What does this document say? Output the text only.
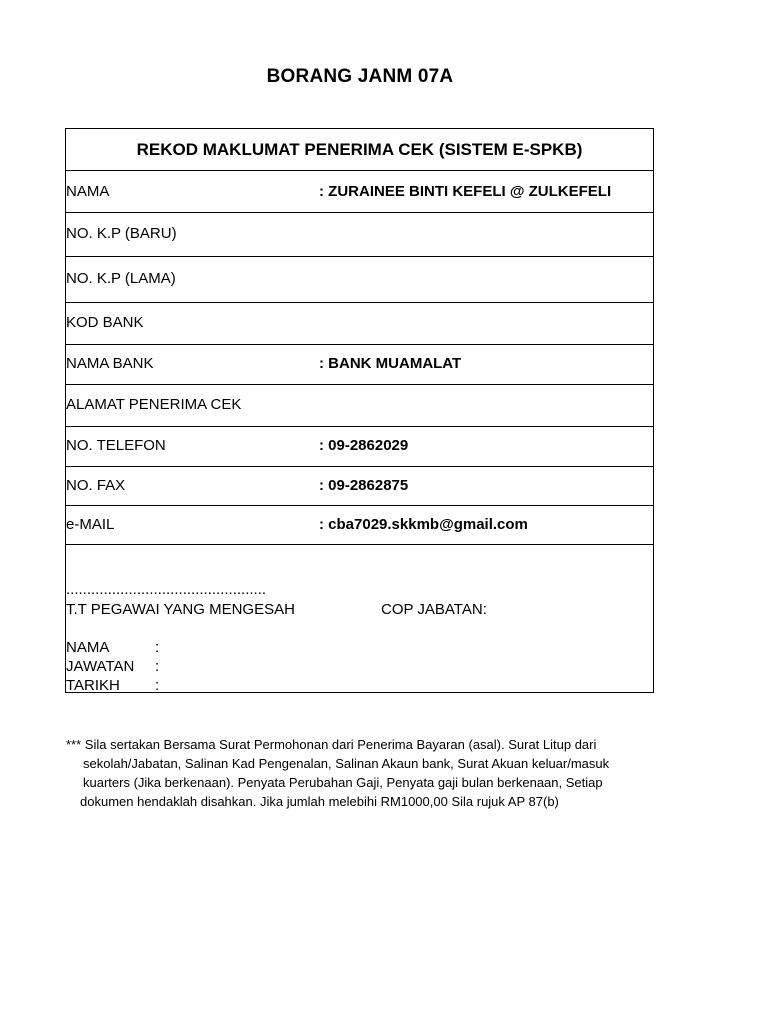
BORANG JANM 07A
REKOD MAKLUMAT PENERIMA CEK (SISTEM E-SPKB)
NAMA	: ZURAINEE BINTI KEFELI @ ZULKEFELI
NO. K.P (BARU)
NO. K.P (LAMA)
KOD BANK
NAMA BANK	: BANK MUAMALAT
ALAMAT PENERIMA CEK
NO. TELEFON	: 09-2862029
NO. FAX	: 09-2862875
e-MAIL	: cba7029.skkmb@gmail.com
................................................
T.T PEGAWAI YANG MENGESAH	COP JABATAN:
NAMA	:
JAWATAN :
TARIKH :
*** Sila sertakan Bersama Surat Permohonan dari Penerima Bayaran (asal). Surat Litup dari
sekolah/Jabatan, Salinan Kad Pengenalan, Salinan Akaun bank, Surat Akuan keluar/masuk
kuarters (Jika berkenaan). Penyata Perubahan Gaji, Penyata gaji bulan berkenaan, Setiap
dokumen hendaklah disahkan. Jika jumlah melebihi RM1000,00 Sila rujuk AP 87(b)
